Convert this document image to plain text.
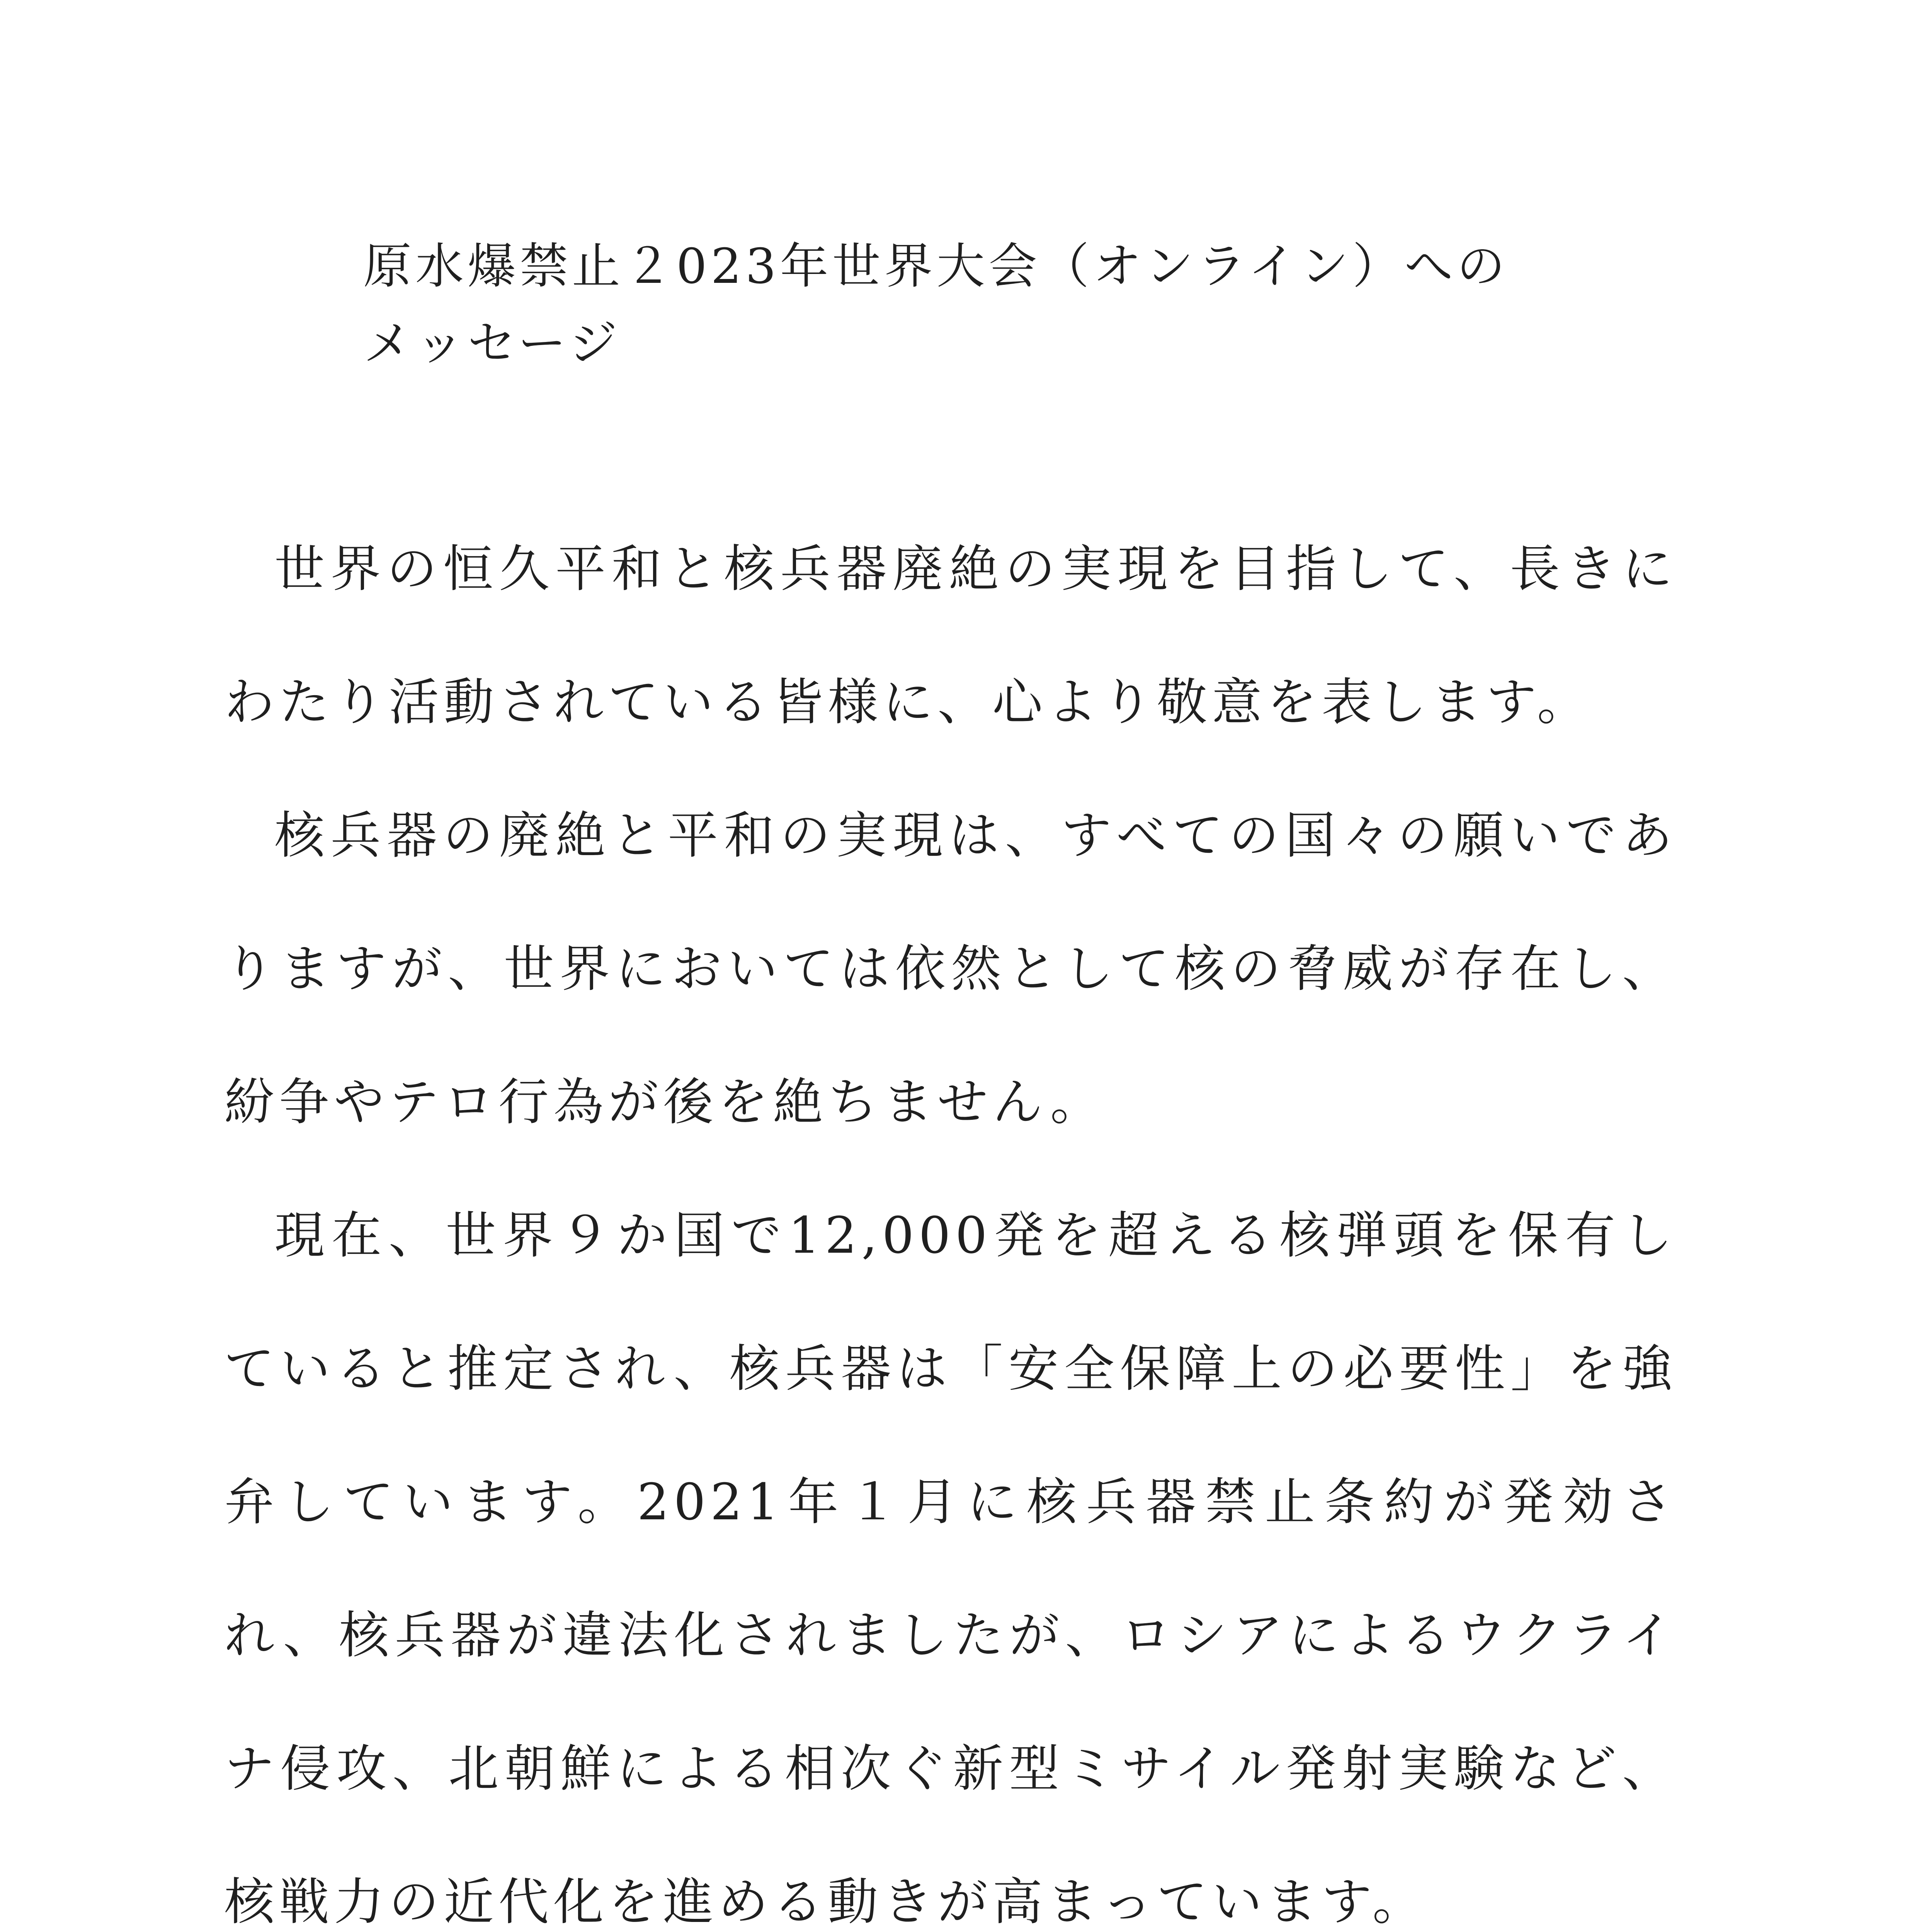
原水爆禁止２023年世界大会（オンライン）への
メッセージ

世界の恒久平和と核兵器廃絶の実現を目指して、長きにわたり活動されている皆様に、心より敬意を表します。

核兵器の廃絶と平和の実現は、すべての国々の願いでありますが、世界においては依然として核の脅威が存在し、紛争やテロ行為が後を絶ちません。

現在、世界９か国で12,000発を超える核弾頭を保有していると推定され、核兵器は「安全保障上の必要性」を強弁しています。2021年１月に核兵器禁止条約が発効され、核兵器が違法化されましたが、ロシアによるウクライナ侵攻、北朝鮮による相次ぐ新型ミサイル発射実験など、核戦力の近代化を進める動きが高まっています。
